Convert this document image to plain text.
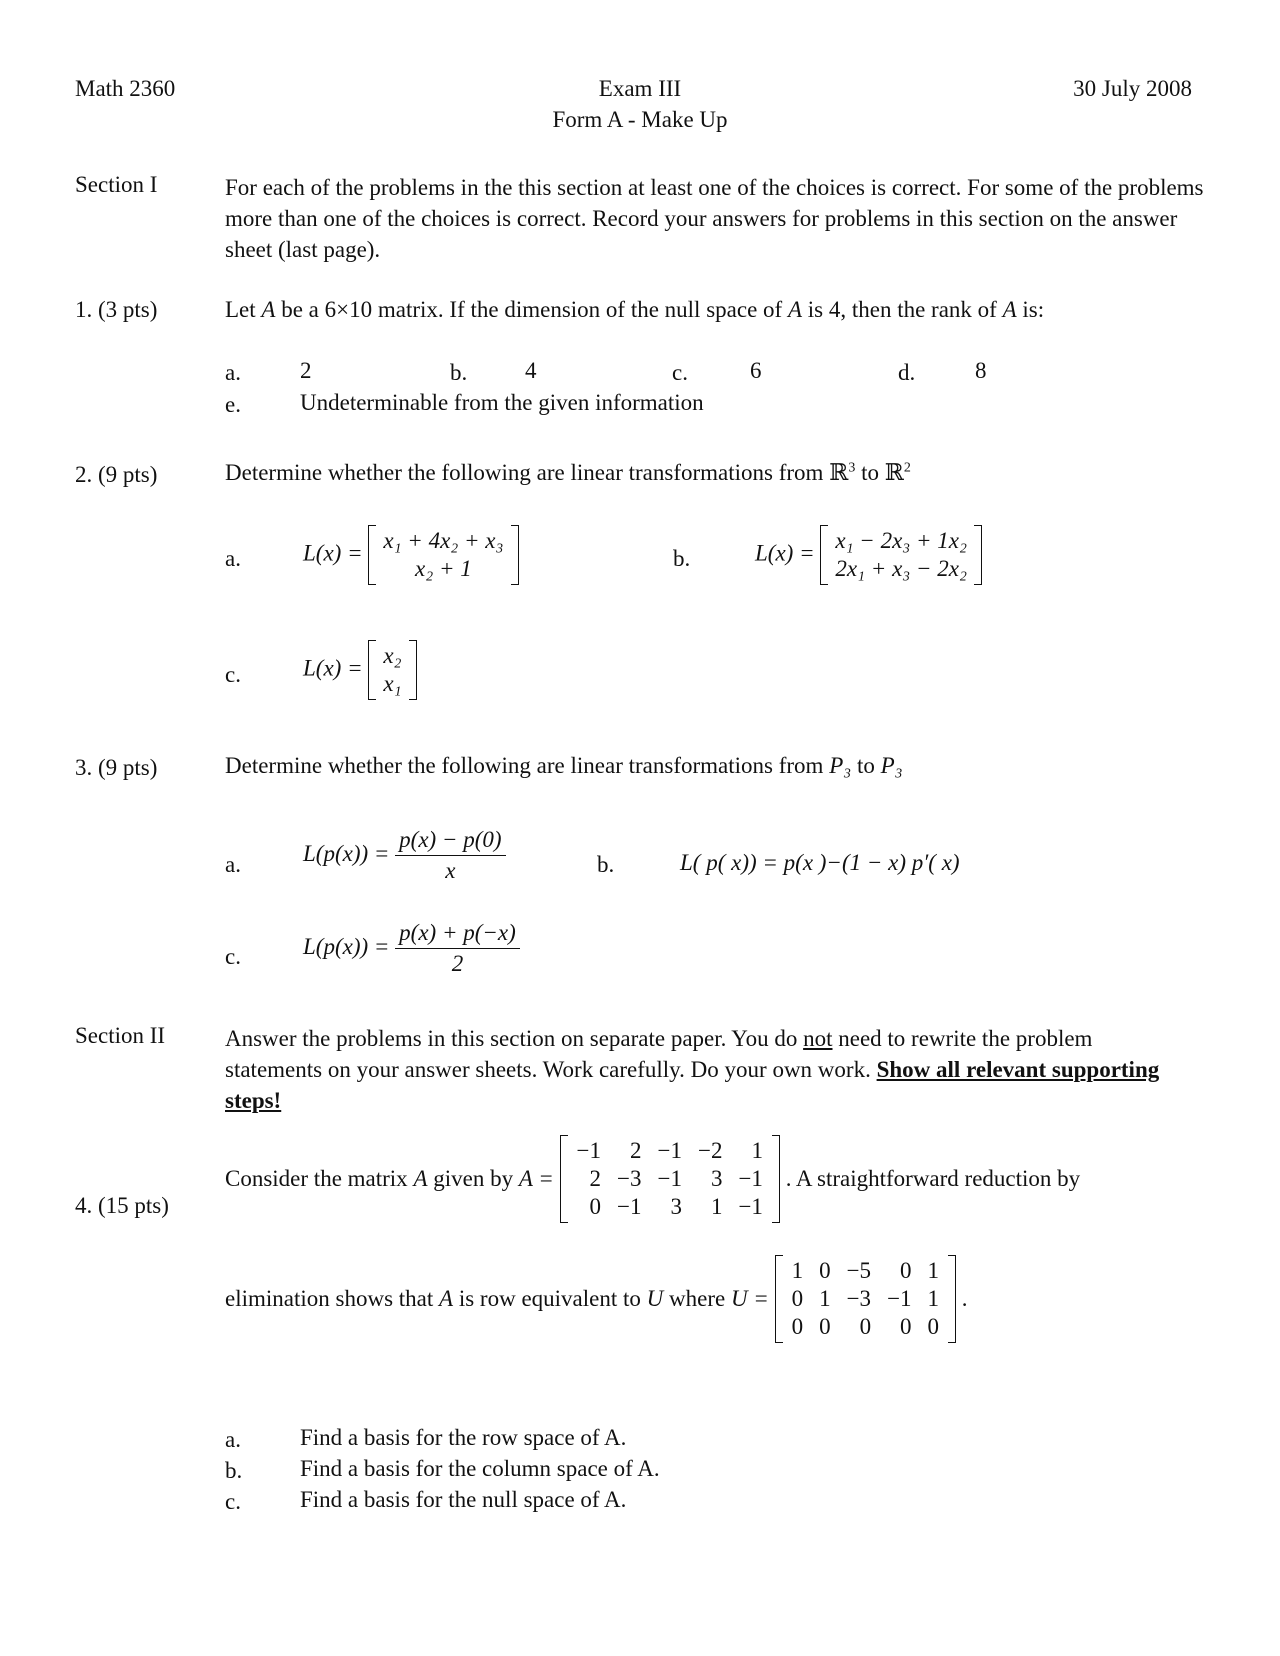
Math 2360	Exam III
Form A - Make Up
30 July 2008
Section I	For each of the problems in the this section at least one of the choices is correct. For some of the problems more than one of the choices is correct. Record your answers for problems in this section on the answer sheet (last page).
1. (3 pts)	Let A be a 6×10 matrix. If the dimension of the null space of A is 4, then the rank of A is:
a.	2	b.	4	c.	6	d.	8
e.	Undeterminable from the given information
2. (9 pts)	Determine whether the following are linear transformations from ℝ$^3$ to ℝ$^2$
a.	L(x) = x₁ + 4x₂ + x₃
x₂ + 1	b.	L(x) = x₁ − 2x₃ + 1x₂
2x₁ + x₃ − 2x₂
c.	L(x) = x₂
x₁
3. (9 pts)	Determine whether the following are linear transformations from P₃ to P₃
a.	$L(p(x)) = \frac{p(x) - p(0)}{x}$	b.	L( p( x)) = p(x )−(1 − x) p′( x)
c.	$L(p(x)) = \frac{p(x) + p(-x)}{2}$
Section II	Answer the problems in this section on separate paper. You do not need to rewrite the problem statements on your answer sheets. Work carefully. Do your own work. Show all relevant supporting steps!
4. (15 pts)
Consider the matrix A given by A =
−1	2	−1	−2	1
2	−3	−1	3	−1
0	−1	3	1	−1
. A straightforward reduction by
elimination shows that A is row equivalent to U where U =
1	0	−5	0	1
0	1	−3	−1	1
0	0	0	0	0
.
a.	Find a basis for the row space of A.
b.	Find a basis for the column space of A.
c.	Find a basis for the null space of A.
